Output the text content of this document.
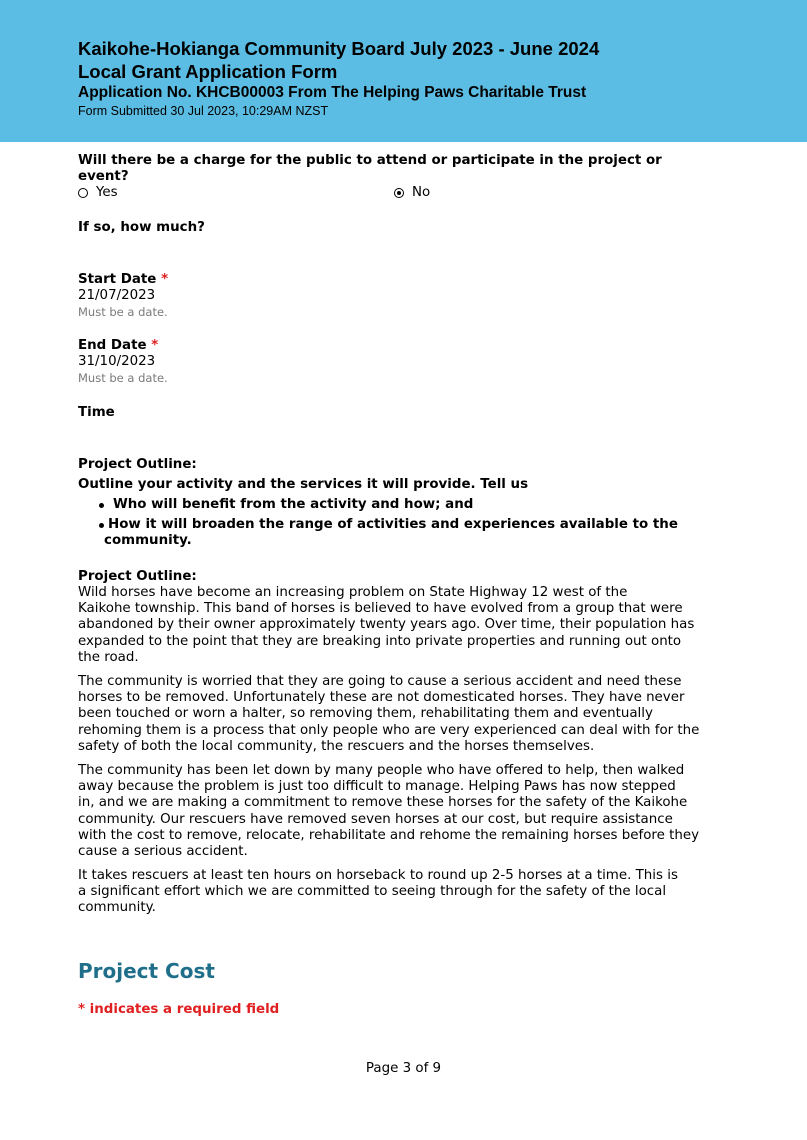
Kaikohe-Hokianga Community Board July 2023 - June 2024
Local Grant Application Form
Application No. KHCB00003 From The Helping Paws Charitable Trust
Form Submitted 30 Jul 2023, 10:29AM NZST
Will there be a charge for the public to attend or participate in the project or
event?
Yes	No
If so, how much?
Start Date *
21/07/2023
Must be a date.
End Date *
31/10/2023
Must be a date.
Time
Project Outline:
Outline your activity and the services it will provide. Tell us
Who will benefit from the activity and how; and
How it will broaden the range of activities and experiences available to the
community.
Project Outline:
Wild horses have become an increasing problem on State Highway 12 west of the
Kaikohe township. This band of horses is believed to have evolved from a group that were
abandoned by their owner approximately twenty years ago. Over time, their population has
expanded to the point that they are breaking into private properties and running out onto
the road.
The community is worried that they are going to cause a serious accident and need these
horses to be removed. Unfortunately these are not domesticated horses. They have never
been touched or worn a halter, so removing them, rehabilitating them and eventually
rehoming them is a process that only people who are very experienced can deal with for the
safety of both the local community, the rescuers and the horses themselves.
The community has been let down by many people who have offered to help, then walked
away because the problem is just too difficult to manage. Helping Paws has now stepped
in, and we are making a commitment to remove these horses for the safety of the Kaikohe
community. Our rescuers have removed seven horses at our cost, but require assistance
with the cost to remove, relocate, rehabilitate and rehome the remaining horses before they
cause a serious accident.
It takes rescuers at least ten hours on horseback to round up 2-5 horses at a time. This is
a significant effort which we are committed to seeing through for the safety of the local
community.
Project Cost
* indicates a required field
Page 3 of 9
